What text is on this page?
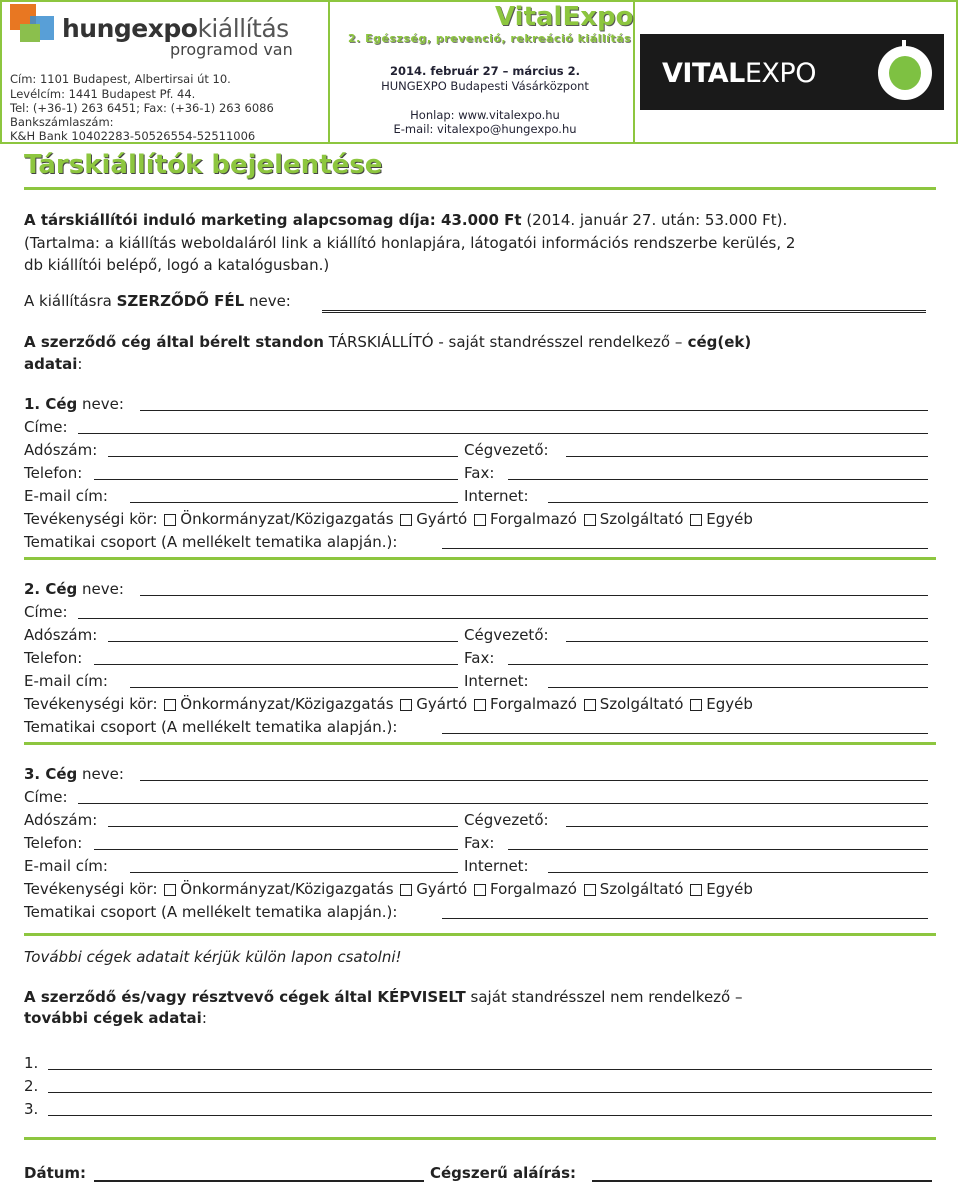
hungexpokiállítás
programod van
Cím: 1101 Budapest, Albertirsai út 10.
Levélcím: 1441 Budapest Pf. 44.
Tel: (+36-1) 263 6451; Fax: (+36-1) 263 6086
Bankszámlaszám:
K&H Bank 10402283-50526554-52511006
VitalExpo
2. Egészség, prevenció, rekreáció kiállítás
2014. február 27 – március 2.
HUNGEXPO Budapesti Vásárközpont
Honlap: www.vitalexpo.hu
E-mail: vitalexpo@hungexpo.hu
VITALEXPO
Társkiállítók bejelentése
A társkiállítói induló marketing alapcsomag díja: 43.000 Ft (2014. január 27. után: 53.000 Ft).
(Tartalma: a kiállítás weboldaláról link a kiállító honlapjára, látogatói információs rendszerbe kerülés, 2
db kiállítói belépő, logó a katalógusban.)
A kiállításra SZERZŐDŐ FÉL neve:
A szerződő cég által bérelt standon TÁRSKIÁLLÍTÓ - saját standrésszel rendelkező – cég(ek)
adatai:
1. Cég neve:
Címe:
Adószám:	Cégvezető:
Telefon:	Fax:
E-mail cím:	Internet:
Tevékenységi kör: Önkormányzat/Közigazgatás Gyártó Forgalmazó Szolgáltató Egyéb
Tematikai csoport (A mellékelt tematika alapján.):
2. Cég neve:
Címe:
Adószám:	Cégvezető:
Telefon:	Fax:
E-mail cím:	Internet:
Tevékenységi kör: Önkormányzat/Közigazgatás Gyártó Forgalmazó Szolgáltató Egyéb
Tematikai csoport (A mellékelt tematika alapján.):
3. Cég neve:
Címe:
Adószám:	Cégvezető:
Telefon:	Fax:
E-mail cím:	Internet:
Tevékenységi kör: Önkormányzat/Közigazgatás Gyártó Forgalmazó Szolgáltató Egyéb
Tematikai csoport (A mellékelt tematika alapján.):
További cégek adatait kérjük külön lapon csatolni!
A szerződő és/vagy résztvevő cégek által KÉPVISELT saját standrésszel nem rendelkező –
további cégek adatai:
1.
2.
3.
Dátum:	Cégszerű aláírás:
